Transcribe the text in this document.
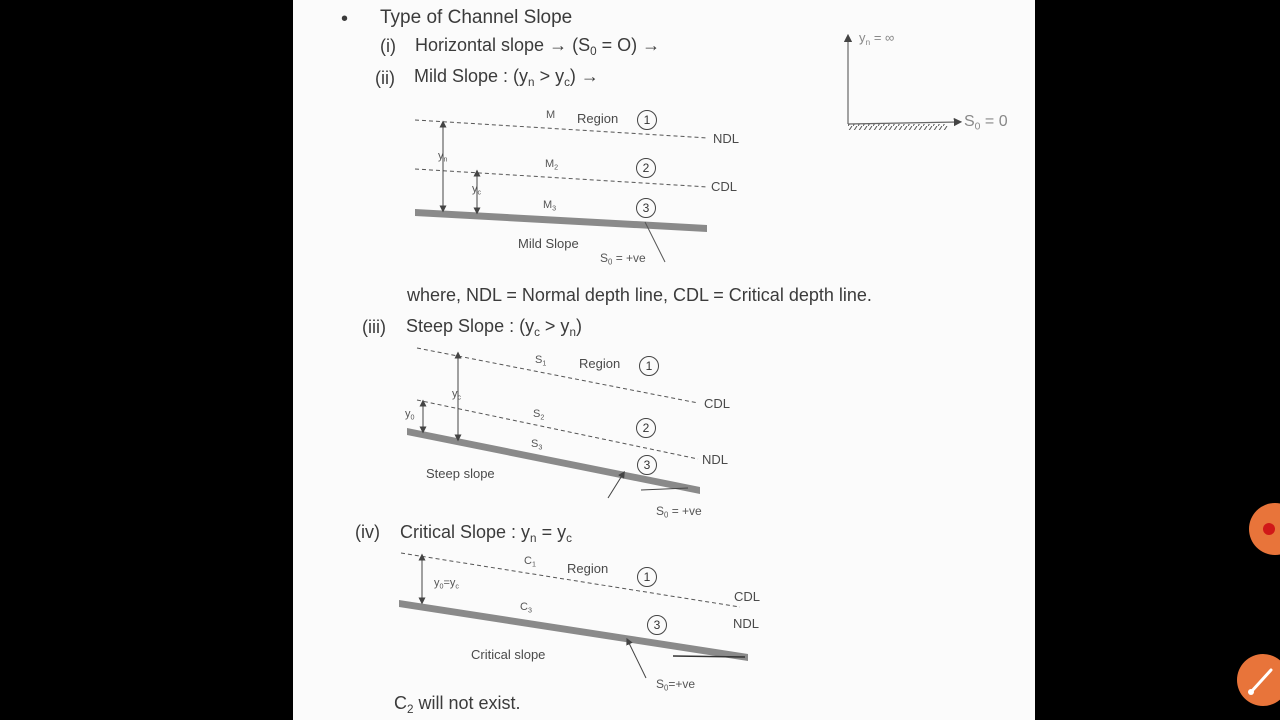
• Type of Channel Slope
(i) Horizontal slope → $(S_0 = O)$ →	$y_n$ = ∞
$S_0 = 0$
(ii) Mild Slope : $(y_n > y_c)$ →
M Region	1
NDL
$M_2$	2
CDL
$y_n$
$y_c$
$M_3$	3
Mild Slope
$S_0 = +ve$
where, NDL = Normal depth line, CDL = Critical depth line.
(iii) Steep Slope : $(y_c > y_n)$
$S_1$	Region	1
CDL
$y_c$
$S_2$
2
$y_0$
$S_3$
NDL
3
Steep slope
$S_0 = +ve$
(iv) Critical Slope : $y_n = y_c$
$C_1$ Region
1
$y_0=y_c$
CDL
$C_3$
NDL
3
Critical slope
$S_0=+ve$
$C_2$ will not exist.
